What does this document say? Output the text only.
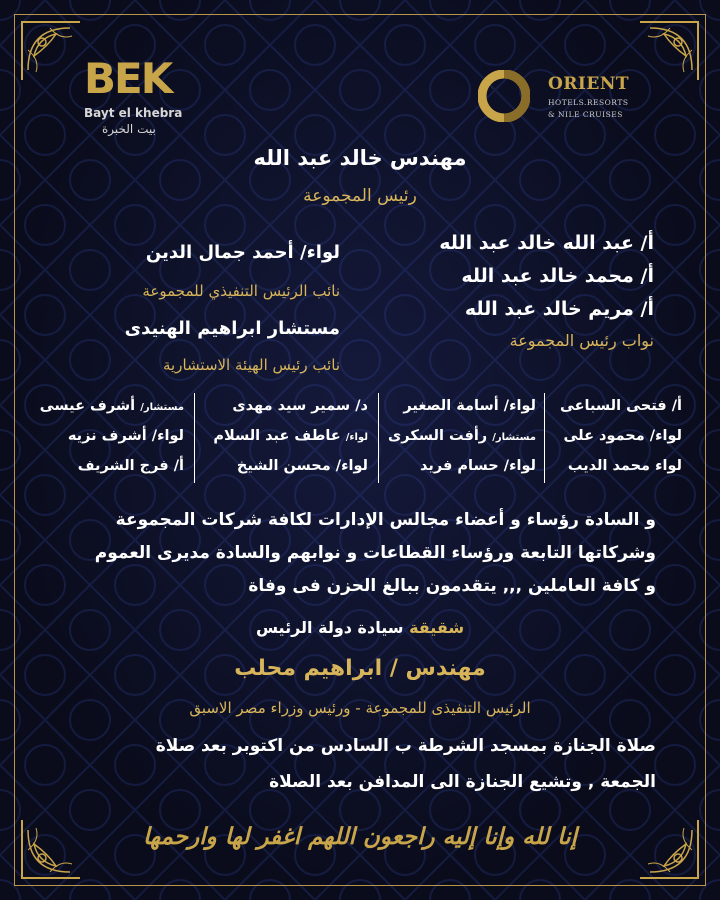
BEK
Bayt el khebra
بيت الخبرة
ORIENT
HOTELS.RESORTS
& NILE CRUISES
مهندس خالد عبد الله
رئيس المجموعة
أ/ عبد الله خالد عبد الله
أ/ محمد خالد عبد الله
أ/ مريم خالد عبد الله
نواب رئيس المجموعة
لواء/ أحمد جمال الدين
نائب الرئيس التنفيذي للمجموعة
مستشار ابراهيم الهنيدى
نائب رئيس الهيئة الاستشارية
أ/ فتحى السباعى
لواء/ محمود على
لواء محمد الديب
لواء/ أسامة الصغير
مستشار/ رأفت السكرى
لواء/ حسام فريد
د/ سمير سيد مهدى
لواء/ عاطف عبد السلام
لواء/ محسن الشيخ
مستشار/ أشرف عيسى
لواء/ أشرف نزيه
أ/ فرج الشريف
و السادة رؤساء و أعضاء مجالس الإدارات لكافة شركات المجموعة
وشركاتها التابعة ورؤساء القطاعات و نوابهم والسادة مديرى العموم
و كافة العاملين ,,, يتقدمون ببالغ الحزن فى وفاة
شقيقة سيادة دولة الرئيس
مهندس / ابراهيم محلب
الرئيس التنفيذى للمجموعة - ورئيس وزراء مصر الاسبق
صلاة الجنازة بمسجد الشرطة ب السادس من اكتوبر بعد صلاة
الجمعة , وتشيع الجنازة الى المدافن بعد الصلاة
إنا لله وإنا إليه راجعون اللهم اغفر لها وارحمها
